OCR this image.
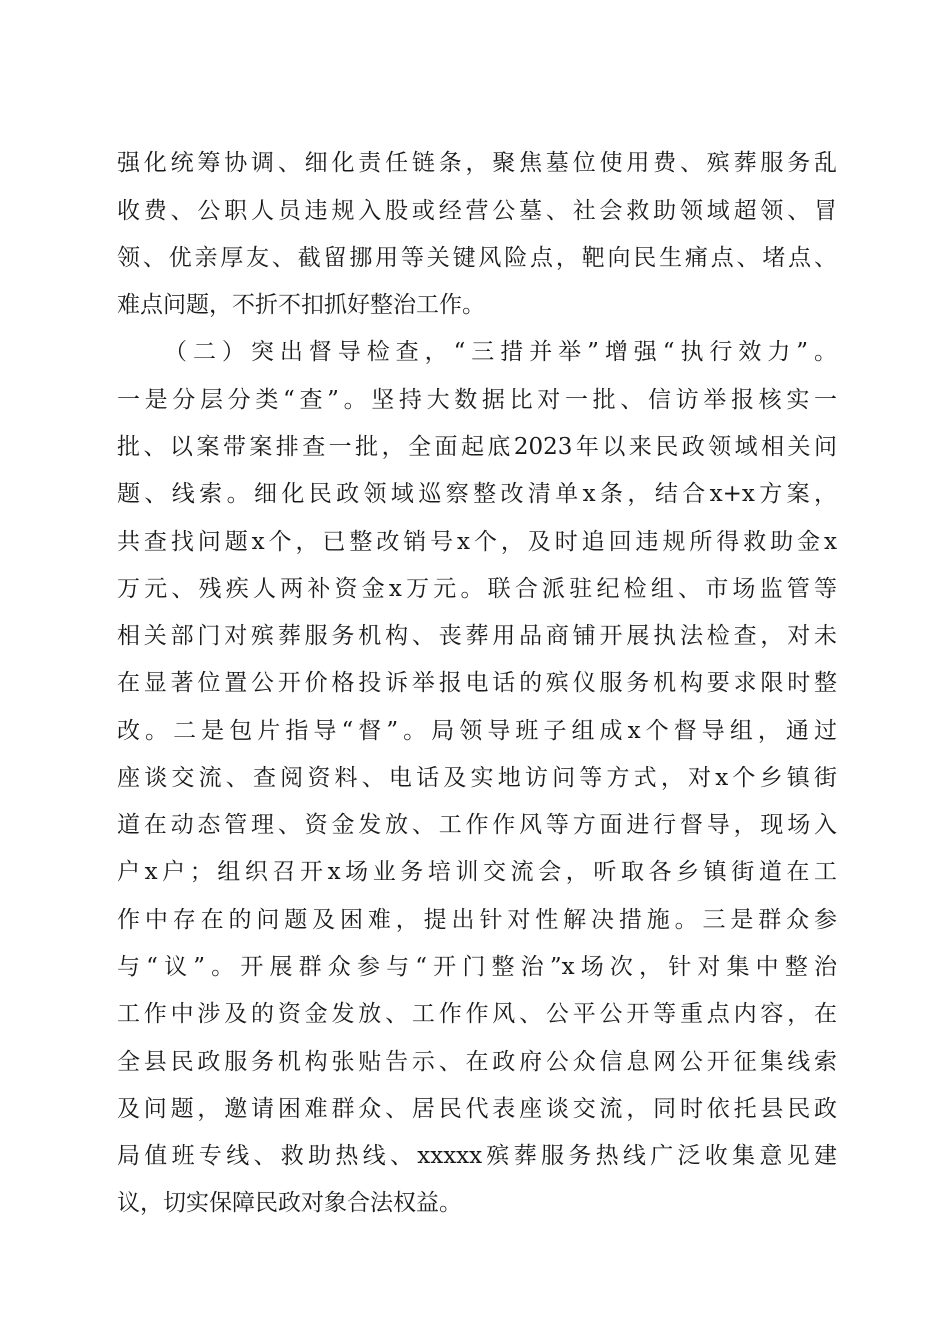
强化统筹协调、细化责任链条，聚焦墓位使用费、殡葬服务乱
收费、公职人员违规入股或经营公墓、社会救助领域超领、冒
领、优亲厚友、截留挪用等关键风险点，靶向民生痛点、堵点、
难点问题，不折不扣抓好整治工作。
（二）突出督导检查，“三措并举”增强“执行效力”。
一是分层分类“查”。坚持大数据比对一批、信访举报核实一
批、以案带案排查一批，全面起底2023年以来民政领域相关问
题、线索。细化民政领域巡察整改清单x条，结合x+x方案，
共查找问题x个，已整改销号x个，及时追回违规所得救助金x
万元、残疾人两补资金x万元。联合派驻纪检组、市场监管等
相关部门对殡葬服务机构、丧葬用品商铺开展执法检查，对未
在显著位置公开价格投诉举报电话的殡仪服务机构要求限时整
改。二是包片指导“督”。局领导班子组成x个督导组，通过
座谈交流、查阅资料、电话及实地访问等方式，对x个乡镇街
道在动态管理、资金发放、工作作风等方面进行督导，现场入
户x户；组织召开x场业务培训交流会，听取各乡镇街道在工
作中存在的问题及困难，提出针对性解决措施。三是群众参
与“议”。开展群众参与“开门整治”x场次，针对集中整治
工作中涉及的资金发放、工作作风、公平公开等重点内容，在
全县民政服务机构张贴告示、在政府公众信息网公开征集线索
及问题，邀请困难群众、居民代表座谈交流，同时依托县民政
局值班专线、救助热线、xxxxx殡葬服务热线广泛收集意见建
议，切实保障民政对象合法权益。
